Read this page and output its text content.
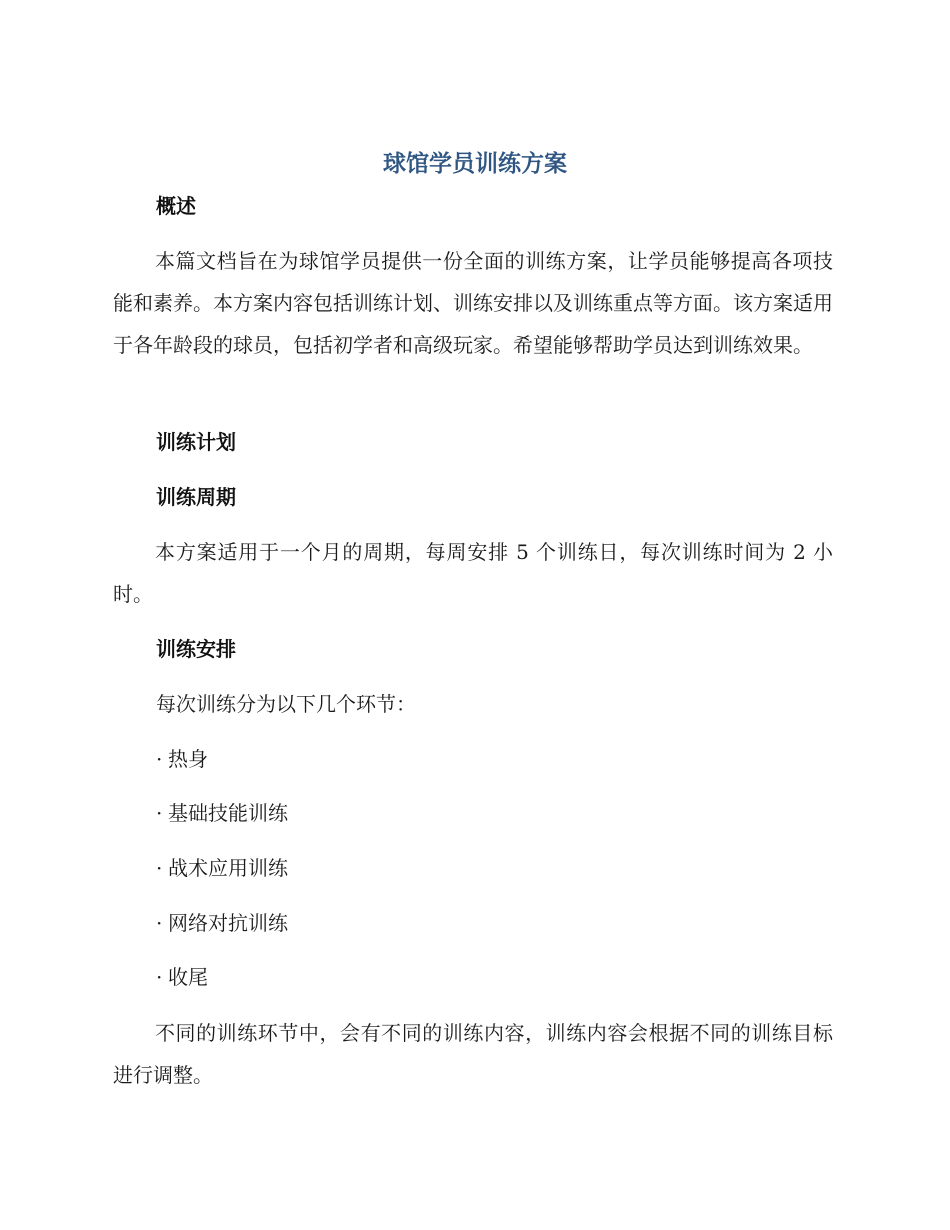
球馆学员训练方案
概述
本篇文档旨在为球馆学员提供一份全面的训练方案，让学员能够提高各项技能和素养。本方案内容包括训练计划、训练安排以及训练重点等方面。该方案适用于各年龄段的球员，包括初学者和高级玩家。希望能够帮助学员达到训练效果。
训练计划
训练周期
本方案适用于一个月的周期，每周安排 5 个训练日，每次训练时间为 2 小时。
训练安排
每次训练分为以下几个环节：
· 热身
· 基础技能训练
· 战术应用训练
· 网络对抗训练
· 收尾
不同的训练环节中，会有不同的训练内容，训练内容会根据不同的训练目标进行调整。
